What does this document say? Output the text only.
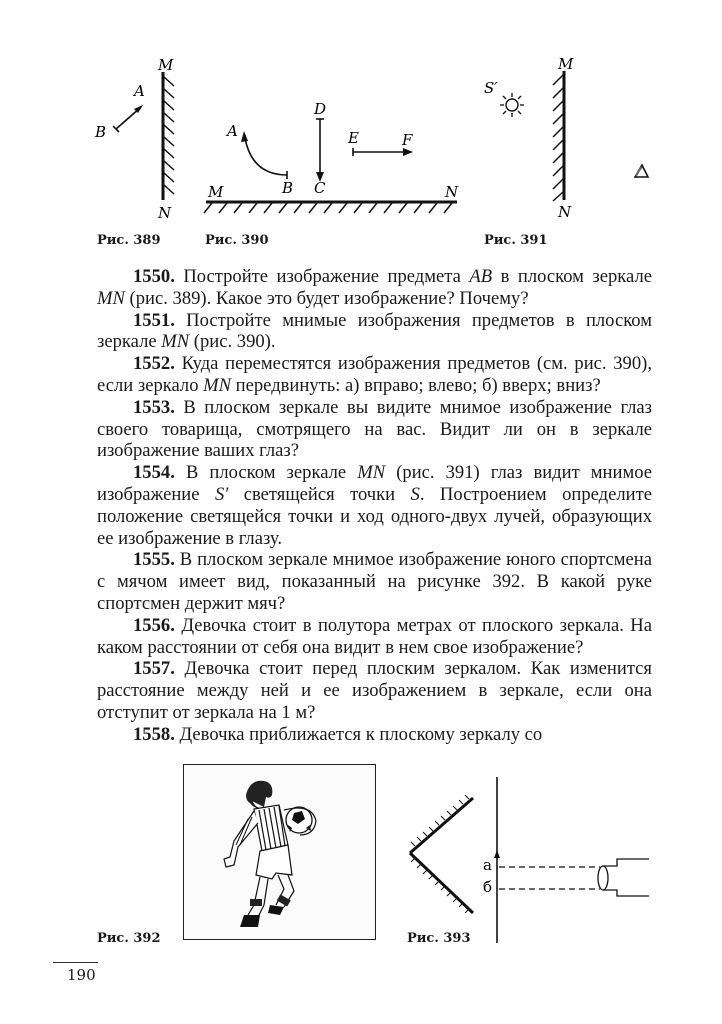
M
N
A
B
Рис. 389
M	N
A
B C
D
E	F
Рис. 390
M
N
S′
Рис. 391

1550. Постройте изображение предмета AB в плоском зеркале MN (рис. 389). Какое это будет изображение? Почему?

1551. Постройте мнимые изображения предметов в плоском зеркале MN (рис. 390).

1552. Куда переместятся изображения предметов (см. рис. 390), если зеркало MN передвинуть: а) вправо; влево; б) вверх; вниз?

1553. В плоском зеркале вы видите мнимое изображение глаз своего товарища, смотрящего на вас. Видит ли он в зеркале изображение ваших глаз?

1554. В плоском зеркале MN (рис. 391) глаз видит мнимое изображение S′ светящейся точки S. Построением определите положение светящейся точки и ход одного-двух лучей, образующих ее изображение в глазу.

1555. В плоском зеркале мнимое изображение юного спортсмена с мячом имеет вид, показанный на рисунке 392. В какой руке спортсмен держит мяч?

1556. Девочка стоит в полутора метрах от плоского зеркала. На каком расстоянии от себя она видит в нем свое изображение?

1557. Девочка стоит перед плоским зеркалом. Как изменится расстояние между ней и ее изображением в зеркале, если она отступит от зеркала на 1 м?

1558. Девочка приближается к плоскому зеркалу со

Рис. 392
а
б
Рис. 393
190
